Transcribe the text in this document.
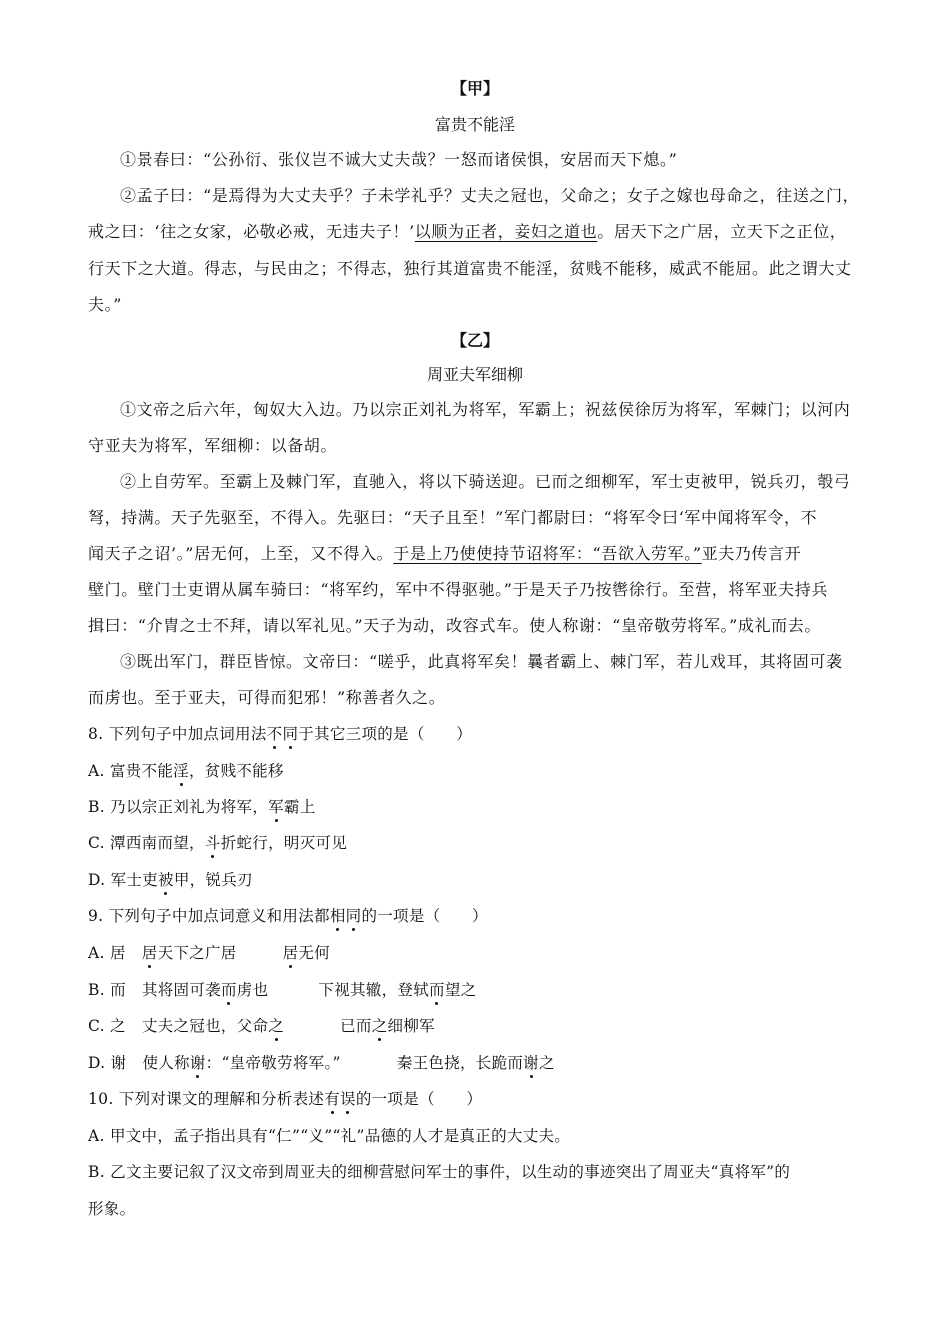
【甲】
富贵不能淫
①景春曰：“公孙衍、张仪岂不诚大丈夫哉？一怒而诸侯惧，安居而天下熄。”
②孟子曰：“是焉得为大丈夫乎？子未学礼乎？丈夫之冠也，父命之；女子之嫁也母命之，往送之门，
戒之曰：‘往之女家，必敬必戒，无违夫子！’以顺为正者，妾妇之道也。居天下之广居，立天下之正位，
行天下之大道。得志，与民由之；不得志，独行其道富贵不能淫，贫贱不能移，威武不能屈。此之谓大丈
夫。”
【乙】
周亚夫军细柳
①文帝之后六年，匈奴大入边。乃以宗正刘礼为将军，军霸上；祝兹侯徐厉为将军，军棘门；以河内
守亚夫为将军，军细柳：以备胡。
②上自劳军。至霸上及棘门军，直驰入，将以下骑送迎。已而之细柳军，军士吏被甲，锐兵刃，彀弓
弩，持满。天子先驱至，不得入。先驱曰：“天子且至！”军门都尉曰：“将军令曰‘军中闻将军令，不
闻天子之诏’。”居无何，上至，又不得入。于是上乃使使持节诏将军：“吾欲入劳军。”亚夫乃传言开
壁门。壁门士吏谓从属车骑曰：“将军约，军中不得驱驰。”于是天子乃按辔徐行。至营，将军亚夫持兵
揖曰：“介胄之士不拜，请以军礼见。”天子为动，改容式车。使人称谢：“皇帝敬劳将军。”成礼而去。
③既出军门，群臣皆惊。文帝曰：“嗟乎，此真将军矣！曩者霸上、棘门军，若儿戏耳，其将固可袭
而虏也。至于亚夫，可得而犯邪！”称善者久之。
8. 下列句子中加点词用法不同于其它三项的是（　　）
A. 富贵不能淫，贫贱不能移
B. 乃以宗正刘礼为将军，军霸上
C. 潭西南而望，斗折蛇行，明灭可见
D. 军士吏被甲，锐兵刃
9. 下列句子中加点词意义和用法都相同的一项是（　　）
A. 居 居天下之广居	居无何
B. 而 其将固可袭而虏也	下视其辙，登轼而望之
C. 之 丈夫之冠也，父命之	已而之细柳军
D. 谢 使人称谢：“皇帝敬劳将军。”	秦王色挠，长跪而谢之
10. 下列对课文的理解和分析表述有误的一项是（　　）
A. 甲文中，孟子指出具有“仁”“义”“礼”品德的人才是真正的大丈夫。
B. 乙文主要记叙了汉文帝到周亚夫的细柳营慰问军士的事件，以生动的事迹突出了周亚夫“真将军”的
形象。
